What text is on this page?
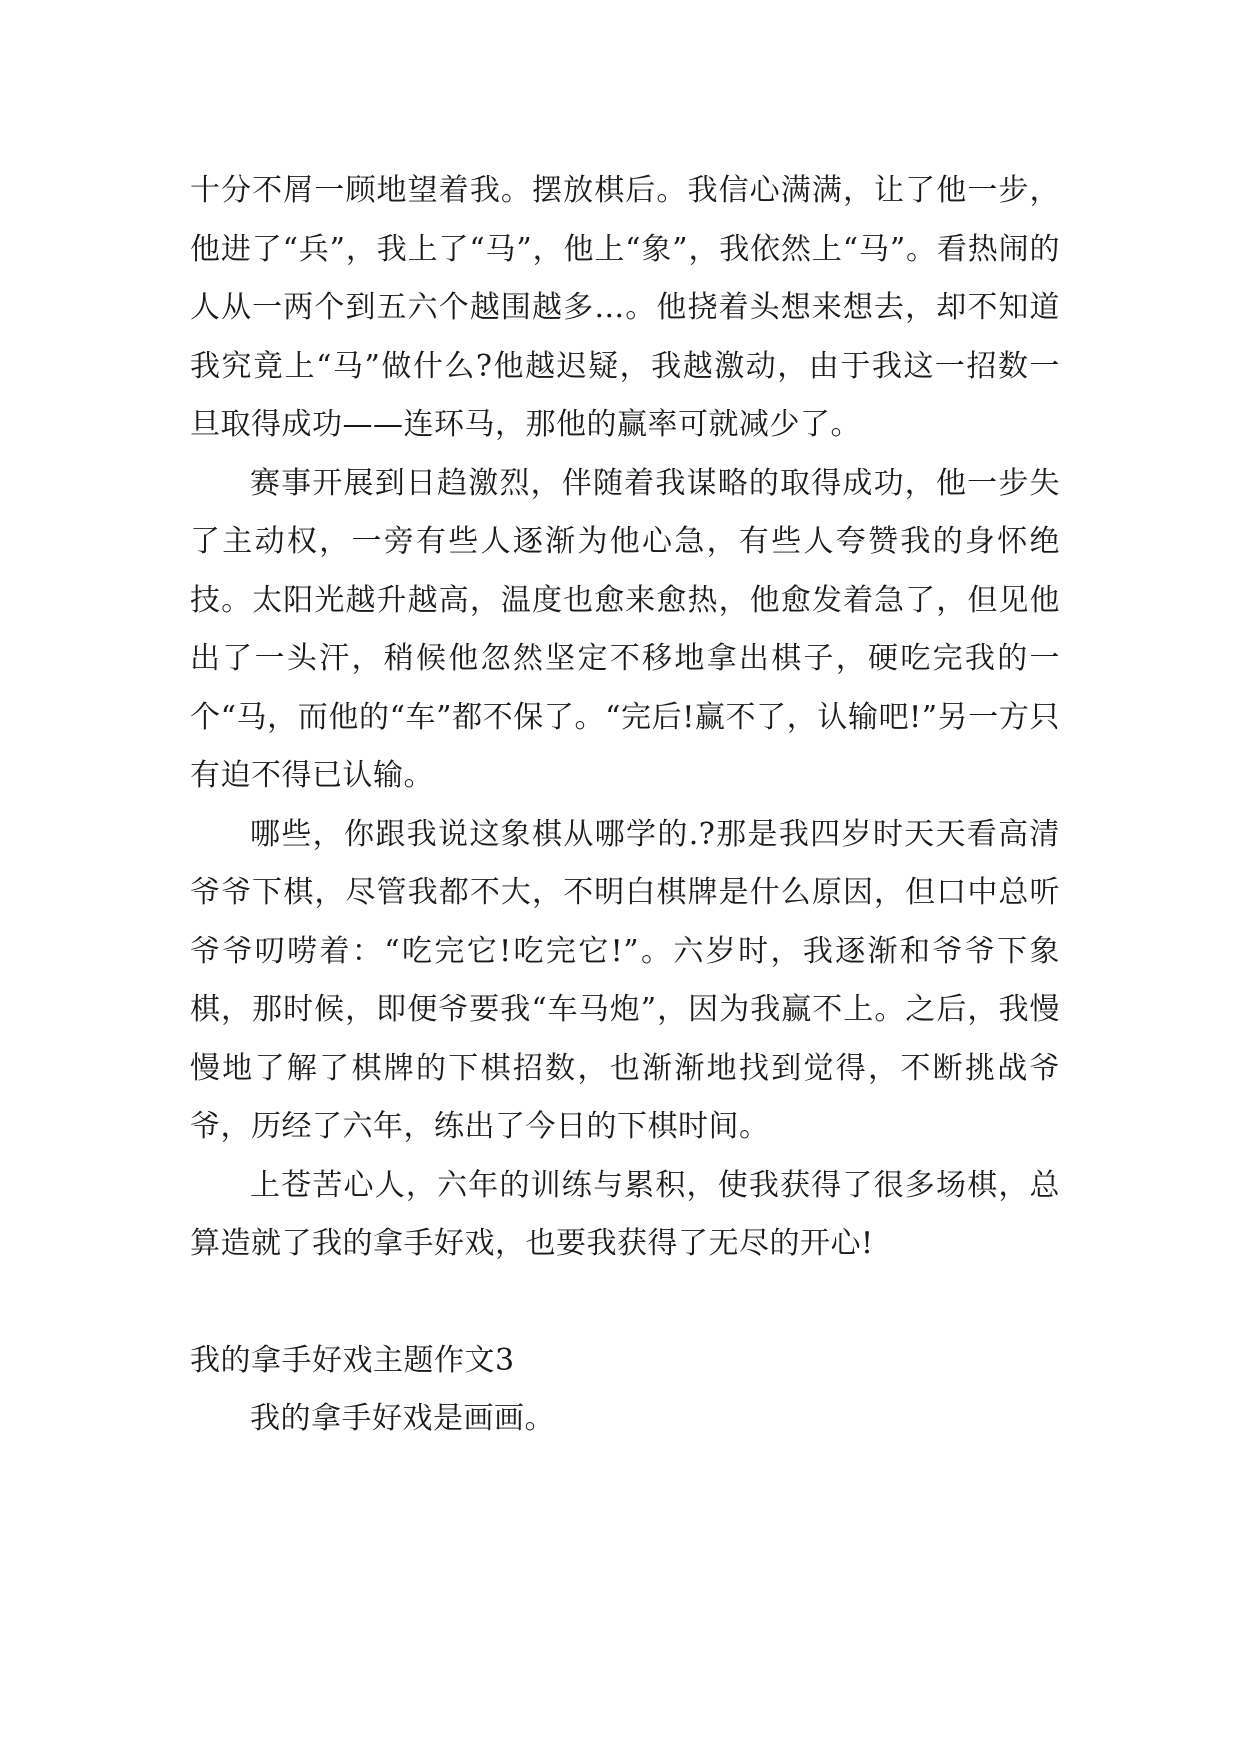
十分不屑一顾地望着我。摆放棋后。我信心满满，让了他一步，他进了“兵”，我上了“马”，他上“象”，我依然上“马”。看热闹的人从一两个到五六个越围越多…。他挠着头想来想去，却不知道我究竟上“马”做什么?他越迟疑，我越激动，由于我这一招数一旦取得成功——连环马，那他的赢率可就减少了。

赛事开展到日趋激烈，伴随着我谋略的取得成功，他一步失了主动权，一旁有些人逐渐为他心急，有些人夸赞我的身怀绝技。太阳光越升越高，温度也愈来愈热，他愈发着急了，但见他出了一头汗，稍候他忽然坚定不移地拿出棋子，硬吃完我的一个“马，而他的“车”都不保了。“完后!赢不了，认输吧!”另一方只有迫不得已认输。

哪些，你跟我说这象棋从哪学的.?那是我四岁时天天看高清爷爷下棋，尽管我都不大，不明白棋牌是什么原因，但口中总听爷爷叨唠着：“吃完它!吃完它!”。六岁时，我逐渐和爷爷下象棋，那时候，即便爷要我“车马炮”，因为我赢不上。之后，我慢慢地了解了棋牌的下棋招数，也渐渐地找到觉得，不断挑战爷爷，历经了六年，练出了今日的下棋时间。

上苍苦心人，六年的训练与累积，使我获得了很多场棋，总算造就了我的拿手好戏，也要我获得了无尽的开心!

我的拿手好戏主题作文3

我的拿手好戏是画画。
